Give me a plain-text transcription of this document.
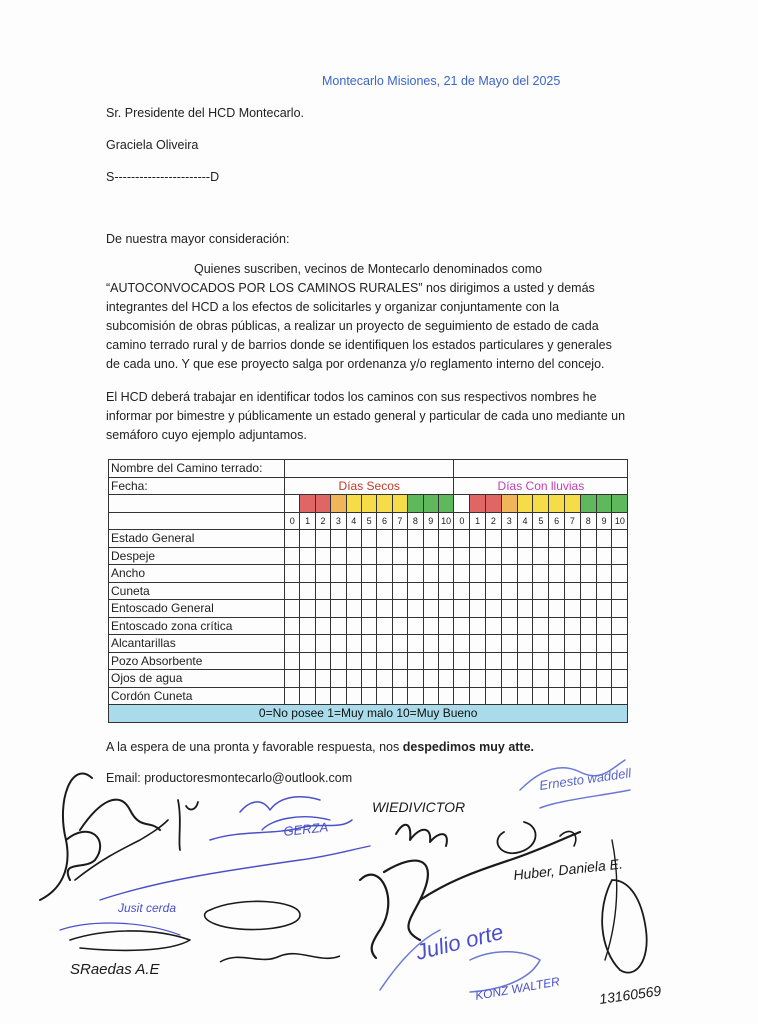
Montecarlo Misiones, 21 de Mayo del 2025
Sr. Presidente del HCD Montecarlo.
Graciela Oliveira
S-----------------------D
De nuestra mayor consideración:
Quienes suscriben, vecinos de Montecarlo denominados como “AUTOCONVOCADOS POR LOS CAMINOS RURALES” nos dirigimos a usted y demás integrantes del HCD a los efectos de solicitarles y organizar conjuntamente con la subcomisión de obras públicas, a realizar un proyecto de seguimiento de estado de cada camino terrado rural y de barrios donde se identifiquen los estados particulares y generales de cada uno. Y que ese proyecto salga por ordenanza y/o reglamento interno del concejo.
El HCD deberá trabajar en identificar todos los caminos con sus respectivos nombres he informar por bimestre y públicamente un estado general y particular de cada uno mediante un semáforo cuyo ejemplo adjuntamos.
Nombre del Camino terrado:																						
Fecha:	Días Secos											Días Con lluvias										

	0	1	2	3	4	5	6	7	8	9	10	0	1	2	3	4	5	6	7	8	9	10
Estado General																						
Despeje																						
Ancho																						
Cuneta																						
Entoscado General																						
Entoscado zona crítica																						
Alcantarillas																						
Pozo Absorbente																						
Ojos de agua																						
Cordón Cuneta																						
0=No posee 1=Muy malo 10=Muy Bueno																						
A la espera de una pronta y favorable respuesta, nos despedimos muy atte.
Email: productoresmontecarlo@outlook.com
WIEDIVICTOR
Ernesto waddell
Huber, Daniela E.
Julio orte
KONZ WALTER	13160569
SRaedas A.E
Jusit cerda
GERZA
